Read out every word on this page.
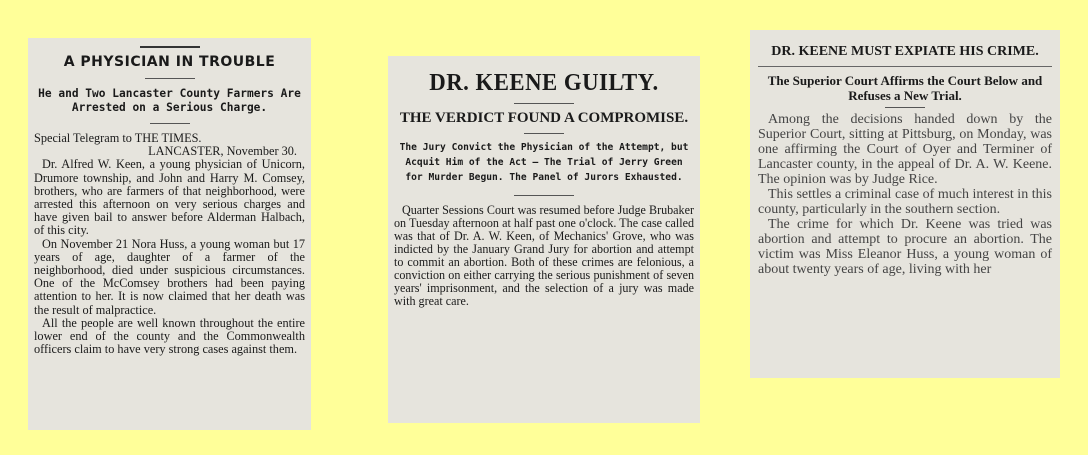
A PHYSICIAN IN TROUBLE

He and Two Lancaster County Farmers Are Arrested on a Serious Charge.

Special Telegram to THE TIMES.

LANCASTER, November 30.

Dr. Alfred W. Keen, a young physician of Unicorn, Drumore township, and John and Harry M. Comsey, brothers, who are farmers of that neighborhood, were arrested this afternoon on very serious charges and have given bail to answer before Alderman Halbach, of this city.

On November 21 Nora Huss, a young woman but 17 years of age, daughter of a farmer of the neighborhood, died under suspicious circumstances. One of the McComsey brothers had been paying attention to her. It is now claimed that her death was the result of malpractice.

All the people are well known throughout the entire lower end of the county and the Commonwealth officers claim to have very strong cases against them.

DR. KEENE GUILTY.

THE VERDICT FOUND A COMPROMISE.

The Jury Convict the Physician of the Attempt, but Acquit Him of the Act — The Trial of Jerry Green for Murder Begun. The Panel of Jurors Exhausted.

Quarter Sessions Court was resumed before Judge Brubaker on Tuesday afternoon at half past one o'clock. The case called was that of Dr. A. W. Keen, of Mechanics' Grove, who was indicted by the January Grand Jury for abortion and attempt to commit an abortion. Both of these crimes are felonious, a conviction on either carrying the serious punishment of seven years' imprisonment, and the selection of a jury was made with great care.

DR. KEENE MUST EXPIATE HIS CRIME.

The Superior Court Affirms the Court Below and Refuses a New Trial.

Among the decisions handed down by the Superior Court, sitting at Pittsburg, on Monday, was one affirming the Court of Oyer and Terminer of Lancaster county, in the appeal of Dr. A. W. Keene. The opinion was by Judge Rice.

This settles a criminal case of much interest in this county, particularly in the southern section.

The crime for which Dr. Keene was tried was abortion and attempt to procure an abortion. The victim was Miss Eleanor Huss, a young woman of about twenty years of age, living with her
